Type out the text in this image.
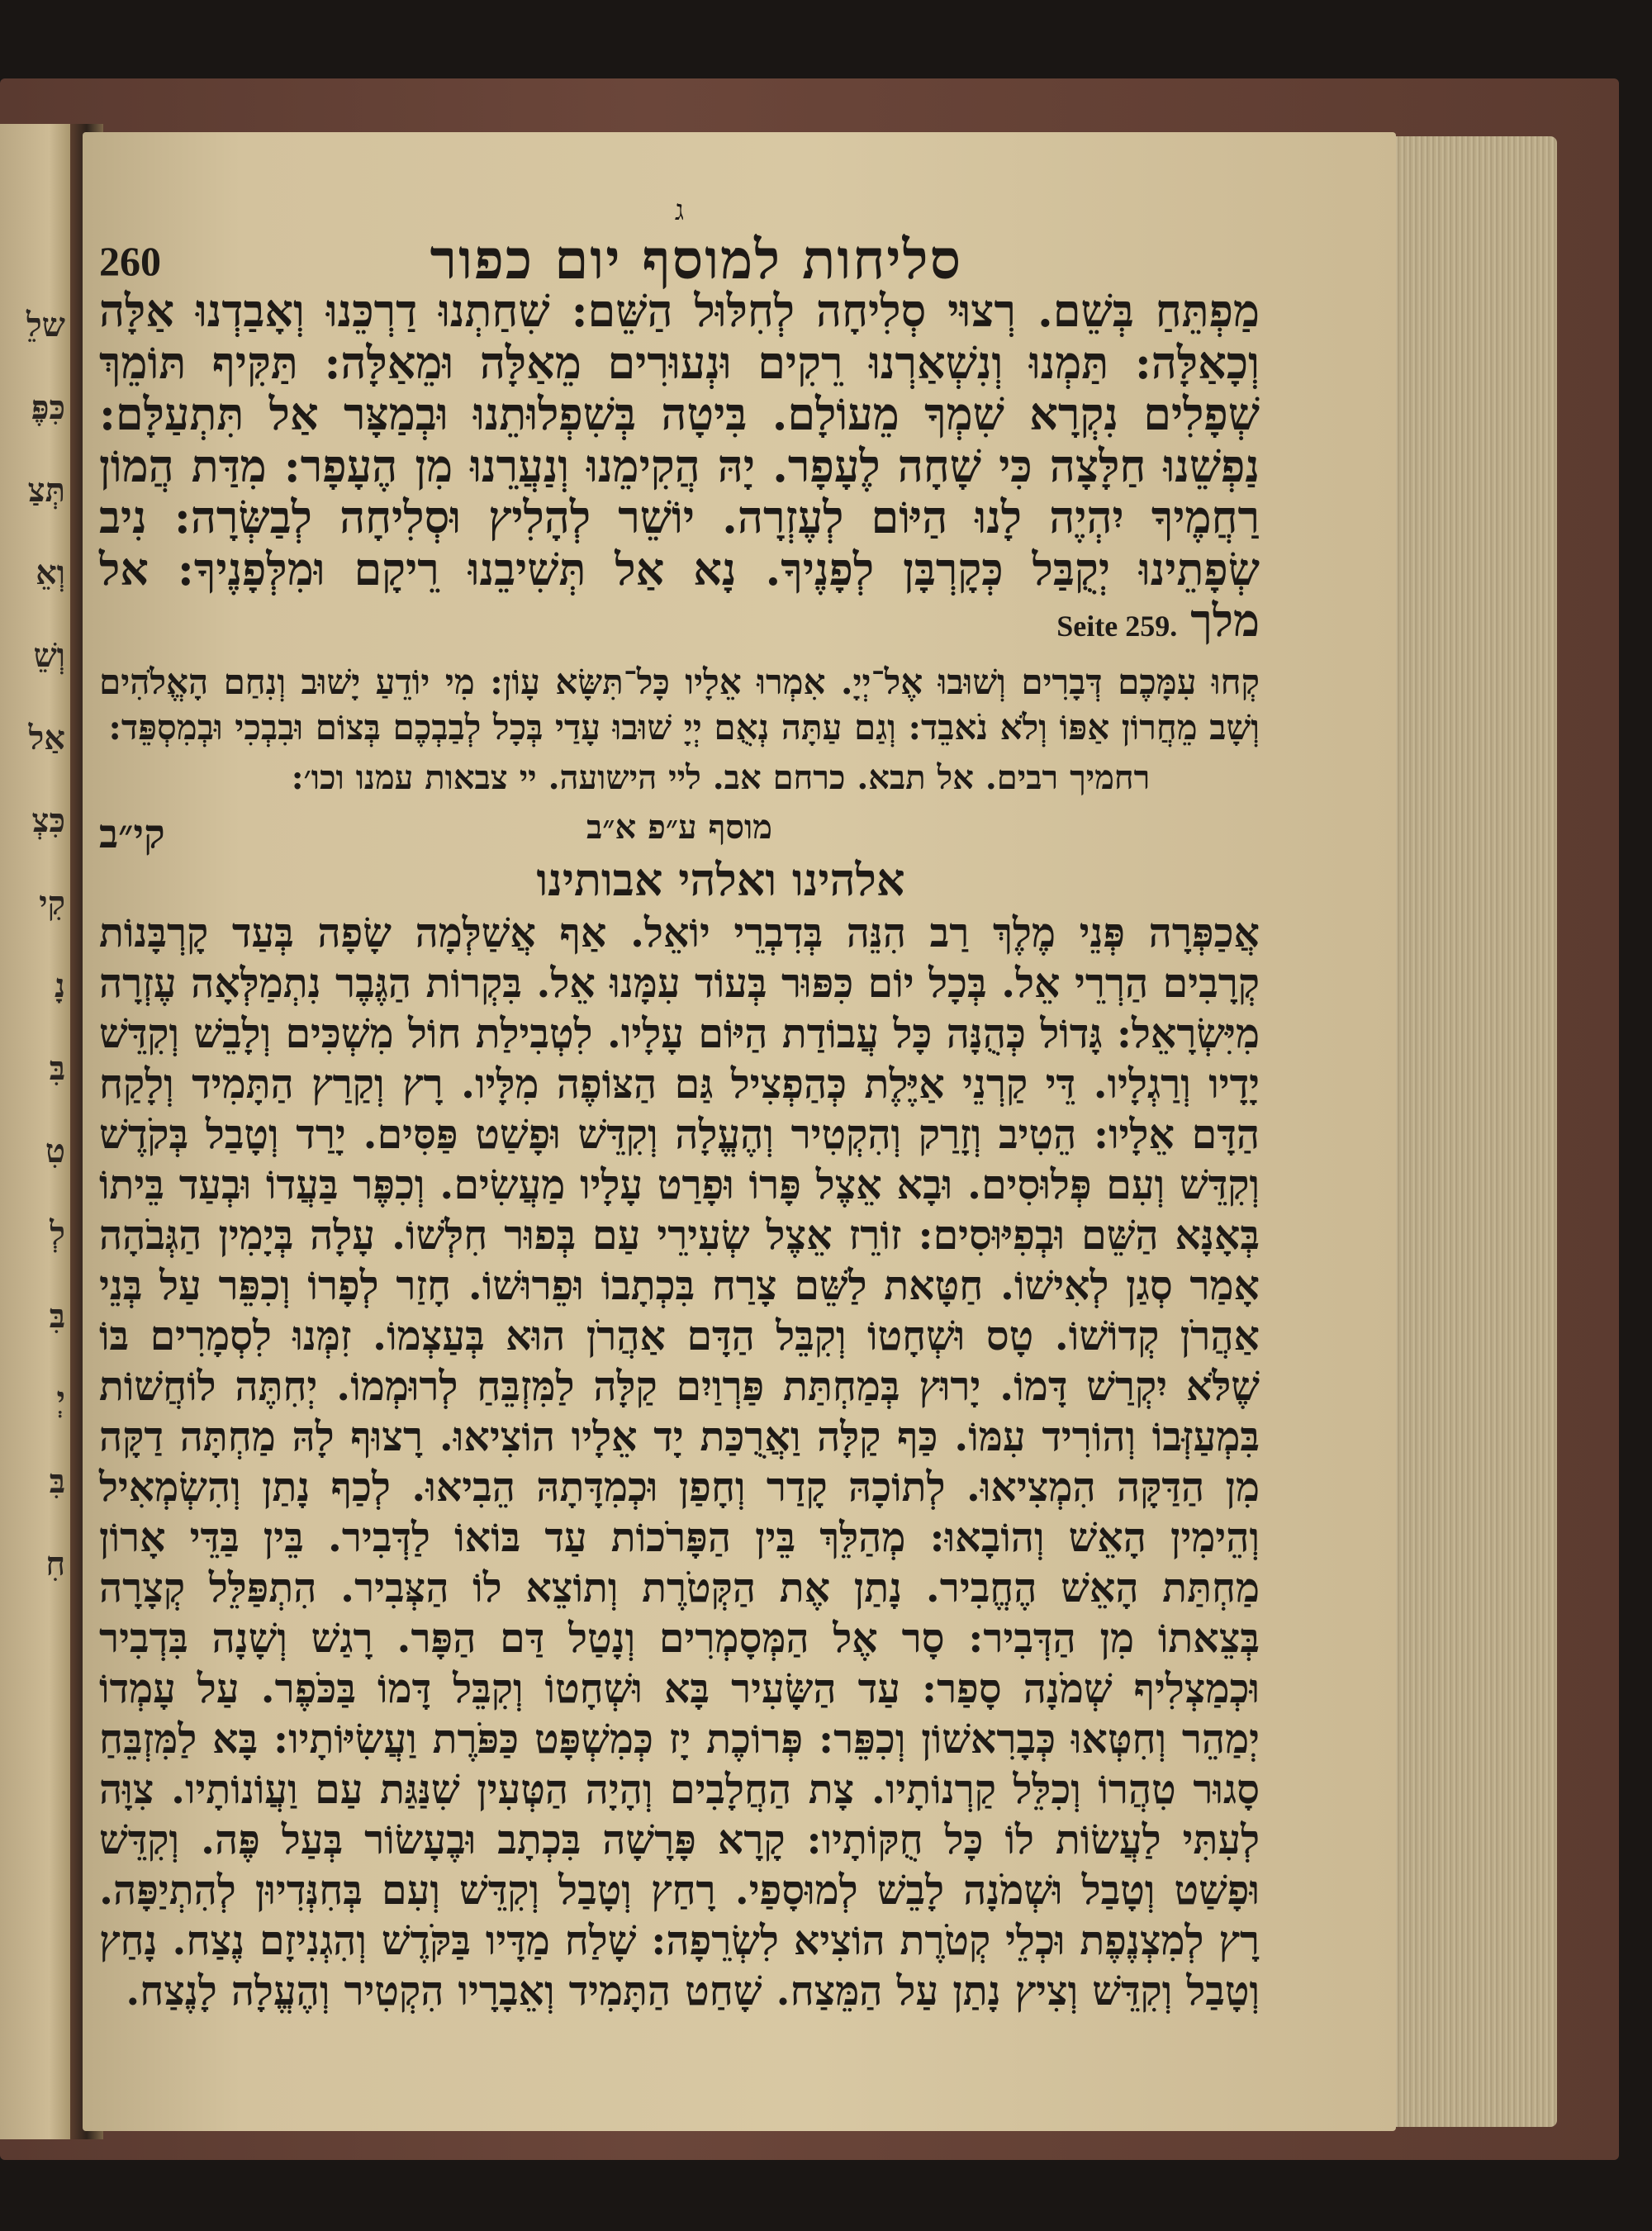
שלֵ
כִּפֶּ
תְּצַ
וְאֵ
וְשֵׁ
אַל
כִּצְ
קִי
נָ
בִּ
טִ
לְ
בִּ
יְ
בִּ
חִ
ג
סליחות למוסף יום כפור
260

מַפְתֵּחַ בְּשֵׁם. רְצוּי סְלִיחָה לְחִלּוּל הַשֵּׁם: שִׁחַתְנוּ דַרְכֵּנוּ וְאָבַדְנוּ אַלָּה וְכָאַלָּה: תַּמְנוּ וְנִשְׁאַרְנוּ רֵקִים וּנְעוּרִים מֵאַלָּה וּמֵאַלָּה: תַּקִּיף תּוֹמֵךְ שְׁפָלִים נִקְרָא שִׁמְךָ מֵעוֹלָם. בִּיטָה בְּשִׁפְלוּתֵנוּ וּבְמַצָּר אַל תִּתְעַלָּם: נַפְשֵׁנוּ חַלָּצָה כִּי שָׁחָה לֶעָפָר. יָהּ הֲקִימֵנוּ וְנַעֲרֵנוּ מִן הֶעָפָר: מִדַּת הֲמוֹן רַחֲמֶיךָ יִהְיֶה לָנוּ הַיּוֹם לְעֶזְרָה. יוֹשֵׁר לְהָלִיץ וּסְלִיחָה לְבַשְּׂרָה: נִיב שְׂפָתֵינוּ יְקֻבַּל כְּקָרְבָּן לְפָנֶיךָ. נָא אַל תְּשִׁיבֵנוּ רֵיקָם וּמִלְּפָנֶיךָ: אל מלךSeite 259.

קְחוּ עִמָּכֶם דְּבָרִים וְשׁוּבוּ אֶל־יְיָ. אִמְרוּ אֵלָיו כָּל־תִּשָּׂא עָוֹן: מִי יוֹדֵעַ יָשׁוּב וְנִחַם הָאֱלֹהִים וְשָׁב מֵחֲרוֹן אַפּוֹ וְלֹא נֹאבֵד: וְגַם עַתָּה נְאֻם יְיָ שׁוּבוּ עָדַי בְּכָל לְבַבְכֶם בְּצוֹם וּבִבְכִי וּבְמִסְפֵּד:

רחמיך רבים. אל תבא. כרחם אב. ליי הישועה. יי צבאות עמנו וכו׳:

מוסף ע״פ א״ב
קי״ב

אלהינו ואלהי אבותינו

אֲכַפְּרָה פְּנֵי מֶלֶךְ רַב הִנֵּה בְּדִבְרֵי יוֹאֵל. אַף אֲשַׁלְּמָה שָׂפָה בְּעַד קָרְבָּנוֹת קְרָבִים הַרְרֵי אֵל. בְּכָל יוֹם כִּפּוּר בְּעוֹד עִמָּנוּ אֵל. בִּקְרוֹת הַגֶּבֶר נִתְמַלְּאָה עֶזְרָה מִיִּשְׂרָאֵל: גָּדוֹל כְּהֻנָּה כָּל עֲבוֹדַת הַיּוֹם עָלָיו. לִטְבִילַת חוֹל מִשְׁכִּים וְלָבֵשׁ וְקִדֵּשׁ יָדָיו וְרַגְלָיו. דֵּי קַרְנֵי אַיֶּלֶת כְּהַפְצִיל גַּם הַצּוֹפֶה מִלָּיו. רָץ וְקַרַץ הַתָּמִיד וְלָקַח הַדָּם אֵלָיו: הֵטִיב וְזָרַק וְהִקְטִיר וְהֶעֱלָה וְקִדֵּשׁ וּפָשַׁט פַּסִּים. יָרַד וְטָבַל בְּקֹדֶשׁ וְקִדֵּשׁ וְעִם פְּלוּסִים. וּבָא אֵצֶל פָּרוֹ וּפָרַט עָלָיו מַעֲשִׂים. וְכִפֶּר בַּעֲדוֹ וּבְעַד בֵּיתוֹ בְּאָנָּא הַשֵּׁם וּבְפִיּוּסִים: זוֹרֵז אֵצֶל שְׂעִירֵי עַם בְּפוּר חִלְּשׁוֹ. עָלָה בְּיָמִין הַגְּבֹהָה אָמַר סְגַן לְאִישׁוֹ. חַטָּאת לַשֵּׁם צָרַח בִּכְתָבוֹ וּפֵרוּשׁוֹ. חָזַר לְפָרוֹ וְכִפֵּר עַל בְּנֵי אַהֲרֹן קְדוֹשׁוֹ. טָס וּשְׁחָטוֹ וְקִבֵּל הַדָּם אַהֲרֹן הוּא בְּעַצְמוֹ. זִמְּנוּ לִסְמָרִים בּוֹ שֶׁלֹּא יִקְרַשׁ דָּמוֹ. יָרוּץ בְּמַחְתַּת פַּרְוַיִם קַלָּה לַמִּזְבֵּחַ לְרוּמְמוֹ. יְחִתֶּה לוֹחֲשׁוֹת בִּמְעַזְּבוֹ וְהוֹרִיד עִמּוֹ. כַּף קַלָּה וַאֲרֻכַּת יָד אֵלָיו הוֹצִיאוּ. רָצוּף לָהּ מַחְתָּה דַקָּה מִן הַדַּקָּה הִמְצִיאוּ. לְתוֹכָהּ קָדַר וְחָפַן וּכְמִדָּתָהּ הֵבִיאוּ. לְכַף נָתַן וְהִשְׂמְאִיל וְהֵימִין הָאֵשׁ וְהוֹבָאוּ: מְהַלֵּךְ בֵּין הַפָּרֹכוֹת עַד בּוֹאוֹ לַדְּבִיר. בֵּין בַּדֵּי אָרוֹן מַחְתַּת הָאֵשׁ הֶחֱבִיר. נָתַן אֶת הַקְּטֹרֶת וְתוֹצֵא לוֹ הַצְּבִיר. הִתְפַּלֵּל קְצָרָה בְּצֵאתוֹ מִן הַדְּבִיר: סָר אֶל הַמְּסָמְרִים וְנָטַל דַּם הַפָּר. רָגַשׁ וְשָׁנָה בִּדְבִיר וּכְמַצְלִיף שְׁמֹנָה סָפַר: עַד הַשָּׂעִיר בָּא וּשְׁחָטוֹ וְקִבֵּל דָּמוֹ בַּכֹּפֶר. עַל עָמְדוֹ יְמַהֵר וְחִטְּאוּ כְּבָרִאשׁוֹן וְכִפֵּר: פְּרוֹכֶת יָז כְּמִשְׁפָּט כַּפֹּרֶת וַעֲשִׂיּוֹתָיו: בָּא לַמִּזְבֵּחַ סָגוּר טִהֲרוֹ וְכִלֵּל קַרְנוֹתָיו. צָת הַחֲלָבִים וְהָיָה הַטְּעִין שִׁנַּגַּת עַם וַעֲוֹנוֹתָיו. צִוָּה לְעִתִּי לַעֲשׂוֹת לוֹ כָּל חֻקּוֹתָיו: קָרָא פָּרָשָׁה בִּכְתָב וּבֶעָשׂוֹר בְּעַל פֶּה. וְקִדֵּשׁ וּפָשַׁט וְטָבַל וּשְׁמֹנָה לָבֵשׁ לְמוּסָפַי. רָחַץ וְטָבַל וְקִדֵּשׁ וְעִם בְּחִנְּדִיוּן לְהִתְיַפָּה. רָץ לְמִצְנֶפֶת וּכְלֵי קְטֹרֶת הוֹצִיא לִשְׂרֵפָה: שָׁלַח מַדָּיו בַּקֹּדֶשׁ וְהִגְנִיזָם נֶצַח. נָחַץ וְטָבַל וְקִדֵּשׁ וְצִיץ נָתַן עַל הַמֵּצַח. שָׁחַט הַתָּמִיד וְאֵבָרָיו הִקְטִיר וְהֶעֱלָה לָנֶצַח.
